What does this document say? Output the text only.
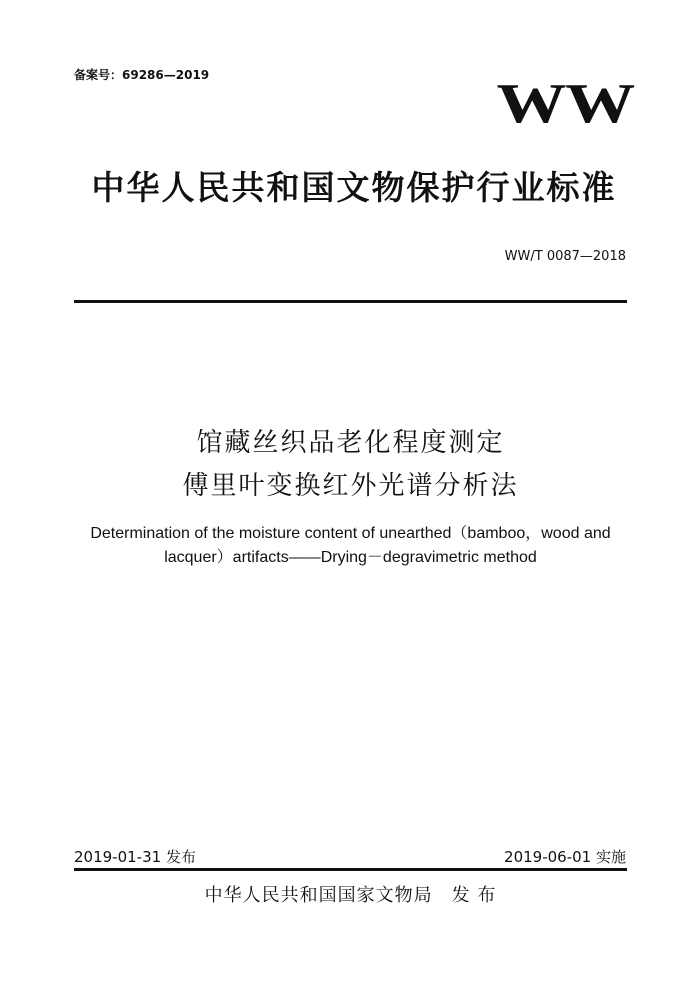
备案号：69286—2019	WW
中华人民共和国文物保护行业标准
WW/T 0087—2018
馆藏丝织品老化程度测定
傅里叶变换红外光谱分析法
Determination of the moisture content of unearthed（bamboo，wood and
lacquer）artifacts——Drying－degravimetric method
2019-01-31 发布	2019-06-01 实施
中华人民共和国国家文物局　发 布
